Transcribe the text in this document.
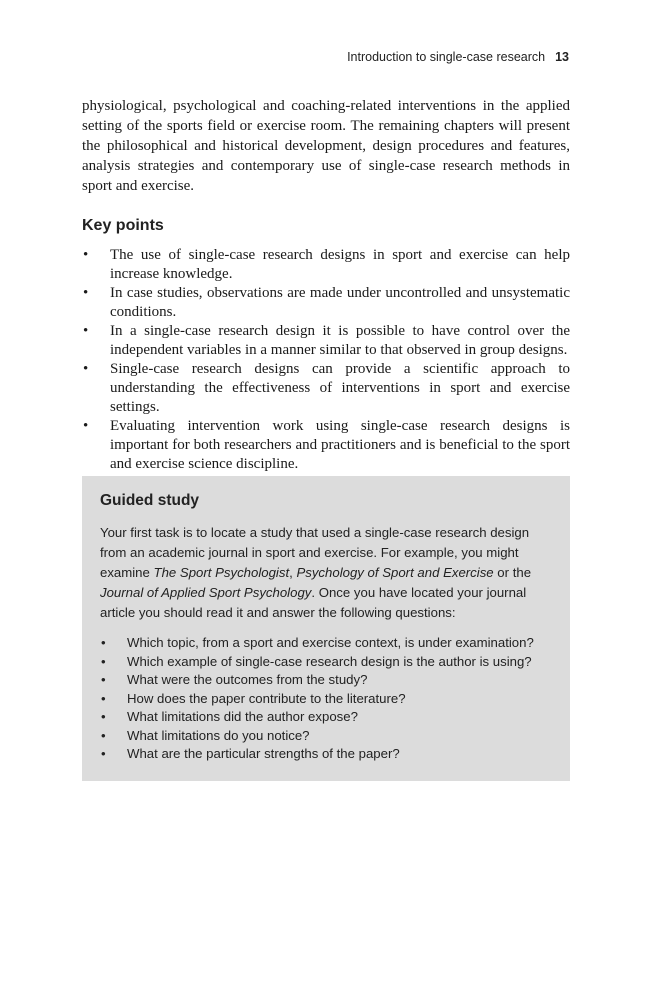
Introduction to single-case research 13

physiological, psychological and coaching-related interventions in the applied setting of the sports field or exercise room. The remaining chapters will present the philosophical and historical development, design procedures and features, analysis strategies and contemporary use of single-case research methods in sport and exercise.

Key points
• The use of single-case research designs in sport and exercise can help increase knowledge.
• In case studies, observations are made under uncontrolled and unsystematic conditions.
• In a single-case research design it is possible to have control over the independent variables in a manner similar to that observed in group designs.
• Single-case research designs can provide a scientific approach to understanding the effectiveness of interventions in sport and exercise settings.
• Evaluating intervention work using single-case research designs is important for both researchers and practitioners and is beneficial to the sport and exercise science discipline.
Guided study

Your first task is to locate a study that used a single-case research design from an academic journal in sport and exercise. For example, you might examine The Sport Psychologist, Psychology of Sport and Exercise or the Journal of Applied Sport Psychology. Once you have located your journal article you should read it and answer the following questions:

• Which topic, from a sport and exercise context, is under examination?
• Which example of single-case research design is the author is using?
• What were the outcomes from the study?
• How does the paper contribute to the literature?
• What limitations did the author expose?
• What limitations do you notice?
• What are the particular strengths of the paper?
